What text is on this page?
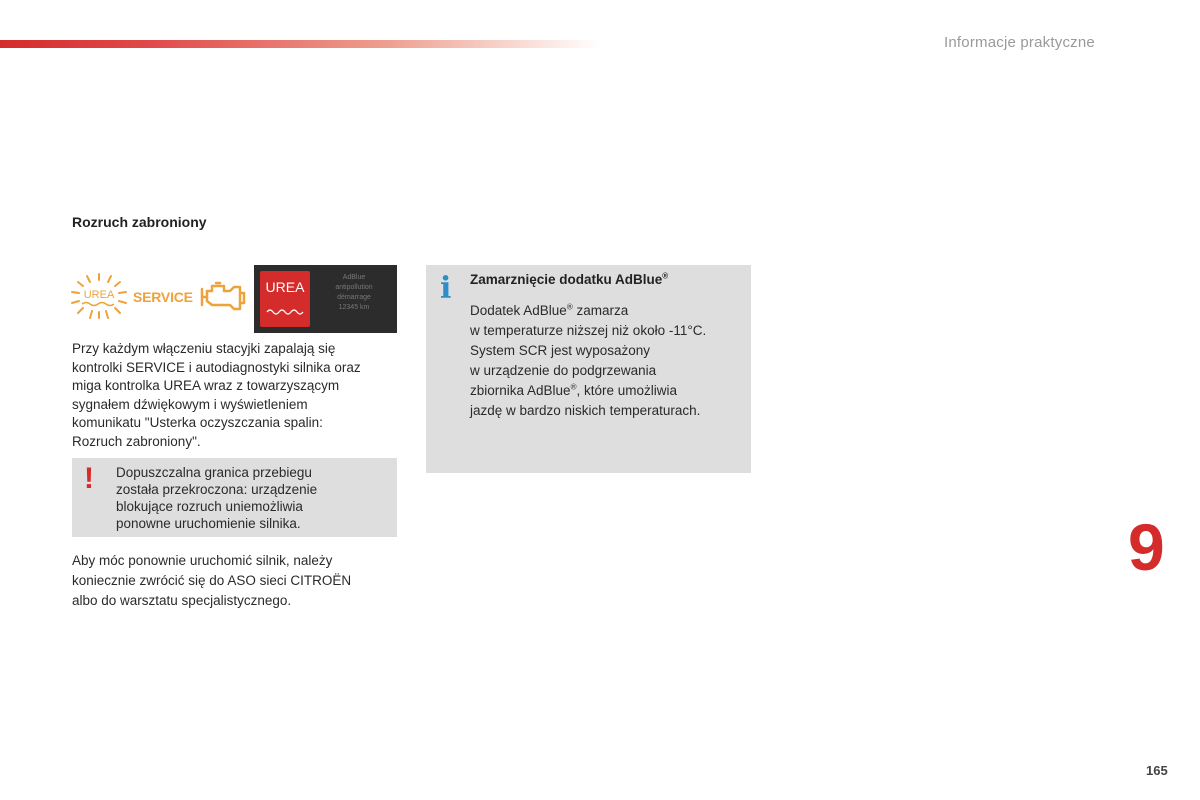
Informacje praktyczne
Rozruch zabroniony
UREA SERVICE
UREA
AdBlue
antipollution
démarrage
12345 km
Przy każdym włączeniu stacyjki zapalają się
kontrolki SERVICE i autodiagnostyki silnika oraz
miga kontrolka UREA wraz z towarzyszącym
sygnałem dźwiękowym i wyświetleniem
komunikatu "Usterka oczyszczania spalin:
Rozruch zabroniony".
! Dopuszczalna granica przebiegu
została przekroczona: urządzenie
blokujące rozruch uniemożliwia
ponowne uruchomienie silnika.
Aby móc ponownie uruchomić silnik, należy
koniecznie zwrócić się do ASO sieci CITROËN
albo do warsztatu specjalistycznego.
i Zamarznięcie dodatku AdBlue®
Dodatek AdBlue® zamarza
w temperaturze niższej niż około -11°C.
System SCR jest wyposażony
w urządzenie do podgrzewania
zbiornika AdBlue®, które umożliwia
jazdę w bardzo niskich temperaturach.
9
165
